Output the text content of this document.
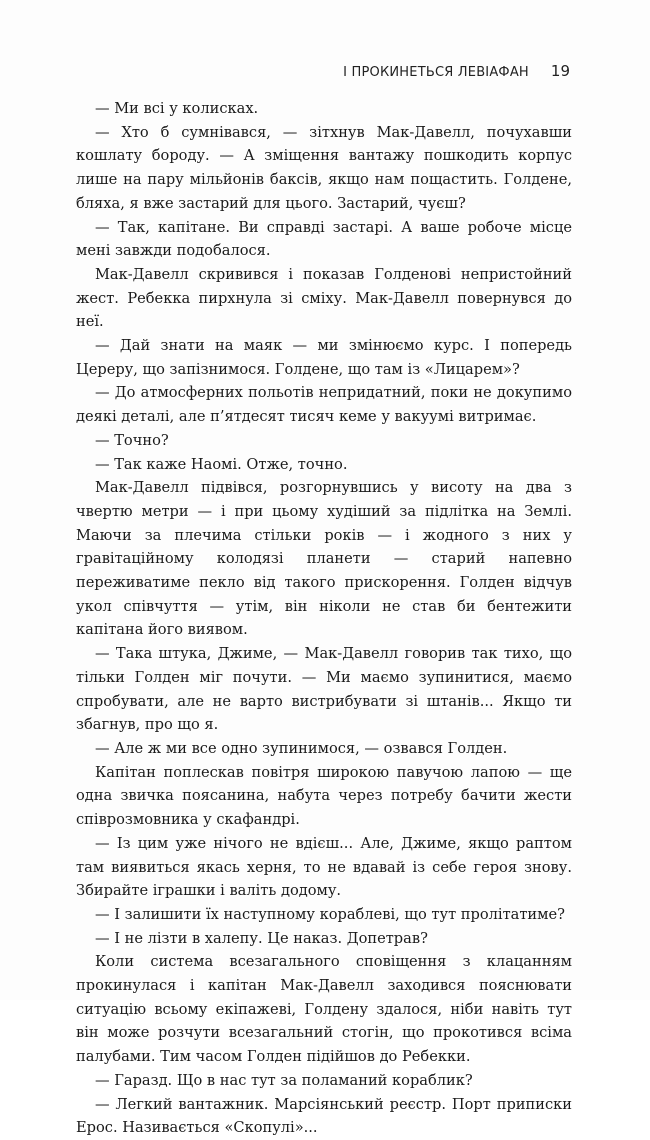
І ПРОКИНЕТЬСЯ ЛЕВІАФАН 19

— Ми всі у колисках.

— Хто б сумнівався, — зітхнув Мак-Давелл, почухавши кошлату бороду. — А зміщення вантажу пошкодить корпус лише на пару мільйонів баксів, якщо нам пощастить. Голдене, бляха, я вже застарий для цього. Застарий, чуєш?

— Так, капітане. Ви справді застарі. А ваше робоче місце мені завжди подобалося.

Мак-Давелл скривився і показав Голденові непристойний жест. Ребекка пирхнула зі сміху. Мак-Давелл повернувся до неї.

— Дай знати на маяк — ми змінюємо курс. І попередь Цереру, що запізнимося. Голдене, що там із «Лицарем»?

— До атмосферних польотів непридатний, поки не докупимо деякі деталі, але п’ятдесят тисяч кеме у вакуумі витримає.

— Точно?

— Так каже Наомі. Отже, точно.

Мак-Давелл підвівся, розгорнувшись у висоту на два з чвертю метри — і при цьому худіший за підлітка на Землі. Маючи за плечима стільки років — і жодного з них у гравітаційному колодязі планети — старий напевно переживатиме пекло від такого прискорення. Голден відчув укол співчуття — утім, він ніколи не став би бентежити капітана його виявом.

— Така штука, Джиме, — Мак-Давелл говорив так тихо, що тільки Голден міг почути. — Ми маємо зупинитися, маємо спробувати, але не варто вистрибувати зі штанів... Якщо ти збагнув, про що я.

— Але ж ми все одно зупинимося, — озвався Голден.

Капітан поплескав повітря широкою павучою лапою — ще одна звичка поясанина, набута через потребу бачити жести співрозмовника у скафандрі.

— Із цим уже нічого не вдієш... Але, Джиме, якщо раптом там виявиться якась херня, то не вдавай із себе героя знову. Збирайте іграшки і валіть додому.

— І залишити їх наступному кораблеві, що тут пролітатиме?

— І не лізти в халепу. Це наказ. Допетрав?

Коли система всезагального сповіщення з клацанням прокинулася і капітан Мак-Давелл заходився пояснювати ситуацію всьому екіпажеві, Голдену здалося, ніби навіть тут він може розчути всезагальний стогін, що прокотився всіма палубами. Тим часом Голден підійшов до Ребекки.

— Гаразд. Що в нас тут за поламаний кораблик?

— Легкий вантажник. Марсіянський реєстр. Порт приписки Ерос. Називається «Скопулі»...
